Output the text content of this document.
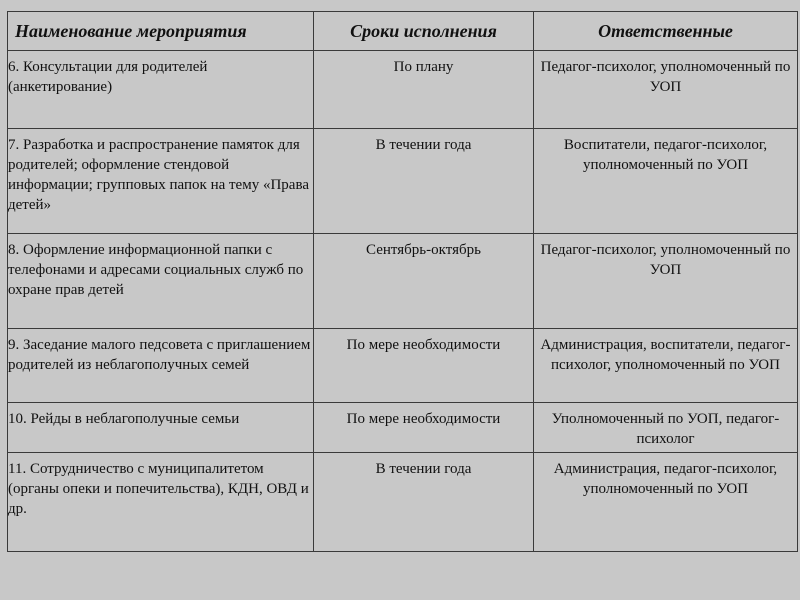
Наименование мероприятия	Сроки исполнения	Ответственные
6. Консультации для родителей (анкетирование)	По плану	Педагог-психолог, уполномоченный по УОП
7. Разработка и распространение памяток для родителей; оформление стендовой информации; групповых папок на тему «Права детей»	В течении года	Воспитатели, педагог-психолог, уполномоченный по УОП
8. Оформление информационной папки с телефонами и адресами социальных служб по охране прав детей	Сентябрь-октябрь	Педагог-психолог, уполномоченный по УОП
9. Заседание малого педсовета с приглашением родителей из неблагополучных семей	По мере необходимости	Администрация, воспитатели, педагог-психолог, уполномоченный по УОП
10. Рейды в неблагополучные семьи	По мере необходимости	Уполномоченный по УОП, педагог-психолог
11. Сотрудничество с муниципалитетом (органы опеки и попечительства), КДН, ОВД и др.	В течении года	Администрация, педагог-психолог, уполномоченный по УОП
